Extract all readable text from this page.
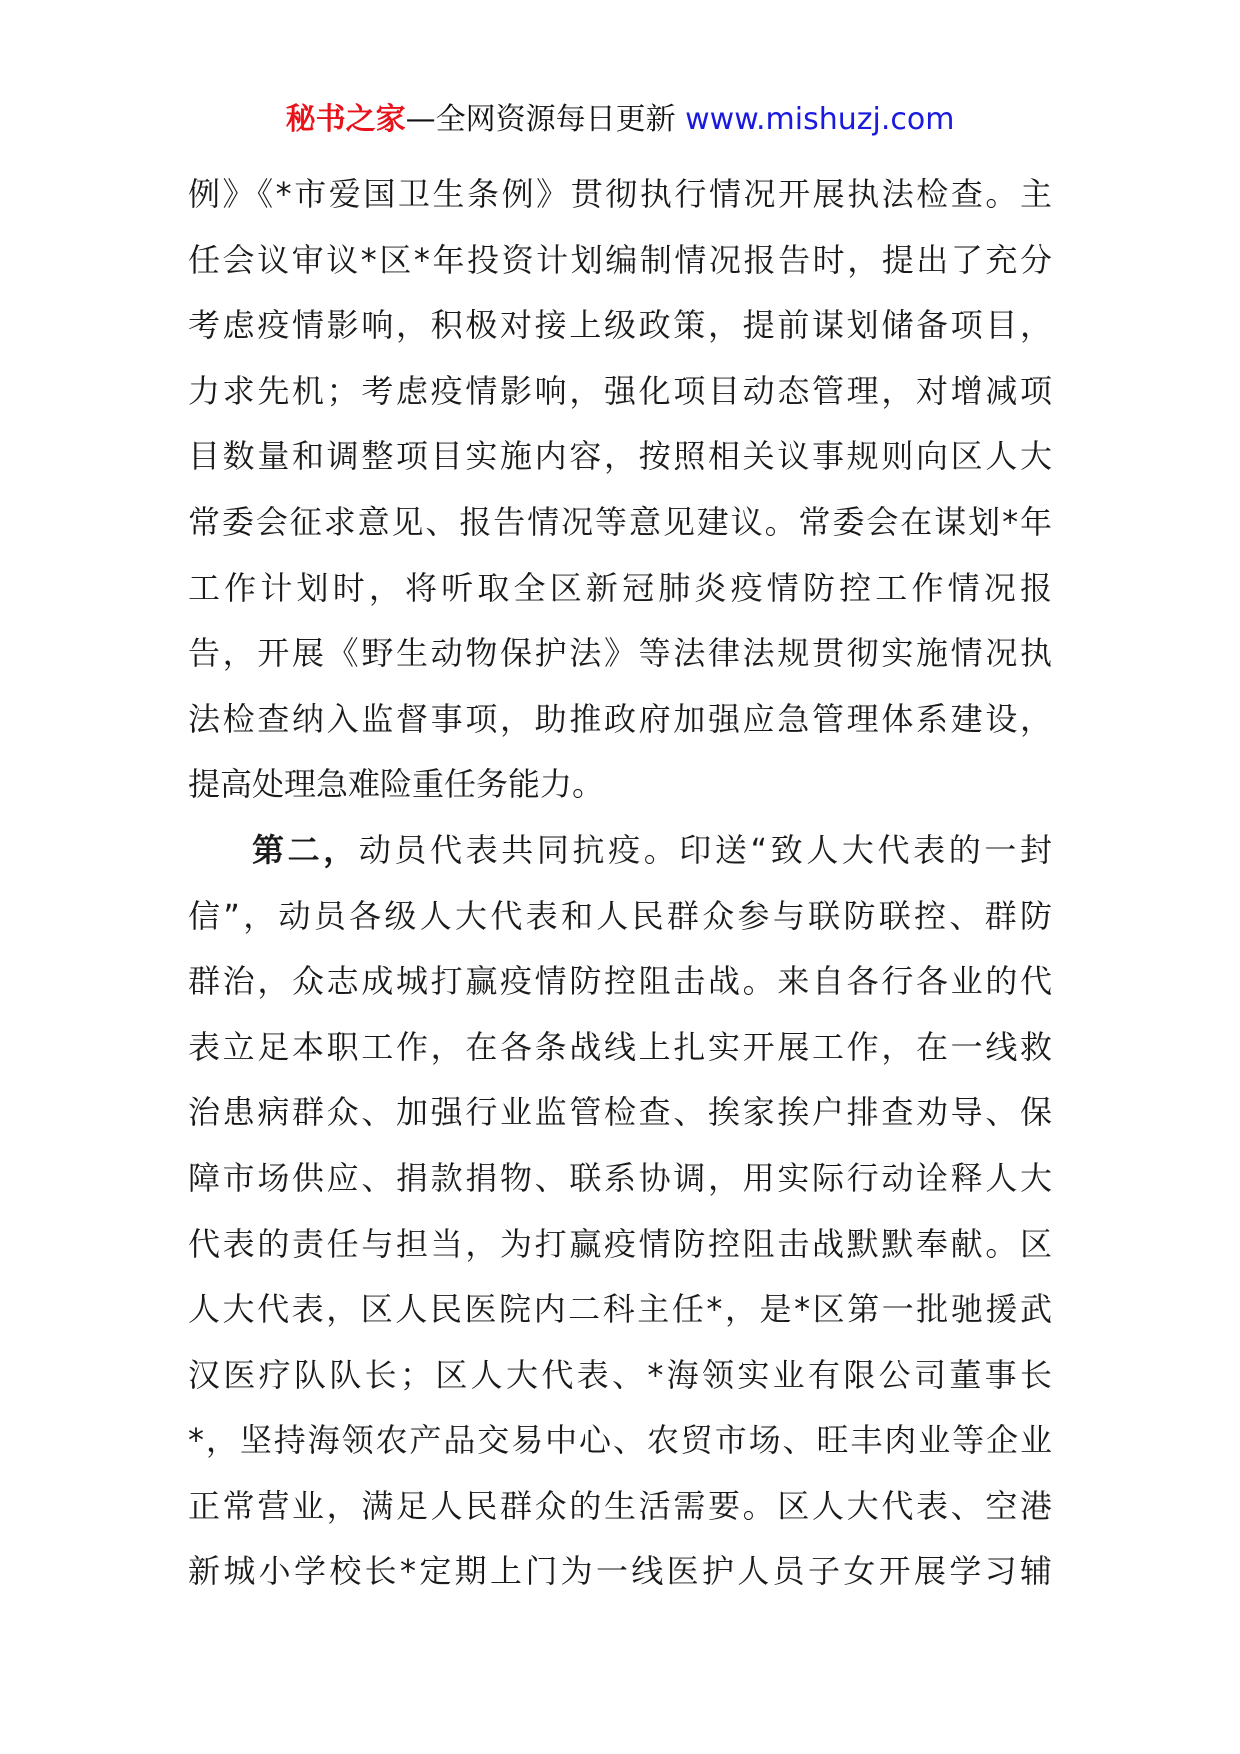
秘书之家—全网资源每日更新 www.mishuzj.com
例》《*市爱国卫生条例》贯彻执行情况开展执法检查。主
任会议审议*区*年投资计划编制情况报告时，提出了充分
考虑疫情影响，积极对接上级政策，提前谋划储备项目，
力求先机；考虑疫情影响，强化项目动态管理，对增减项
目数量和调整项目实施内容，按照相关议事规则向区人大
常委会征求意见、报告情况等意见建议。常委会在谋划*年
工作计划时，将听取全区新冠肺炎疫情防控工作情况报
告，开展《野生动物保护法》等法律法规贯彻实施情况执
法检查纳入监督事项，助推政府加强应急管理体系建设，
提高处理急难险重任务能力。
第二，动员代表共同抗疫。印送“致人大代表的一封
信”，动员各级人大代表和人民群众参与联防联控、群防
群治，众志成城打赢疫情防控阻击战。来自各行各业的代
表立足本职工作，在各条战线上扎实开展工作，在一线救
治患病群众、加强行业监管检查、挨家挨户排查劝导、保
障市场供应、捐款捐物、联系协调，用实际行动诠释人大
代表的责任与担当，为打赢疫情防控阻击战默默奉献。区
人大代表，区人民医院内二科主任*，是*区第一批驰援武
汉医疗队队长；区人大代表、*海领实业有限公司董事长
*，坚持海领农产品交易中心、农贸市场、旺丰肉业等企业
正常营业，满足人民群众的生活需要。区人大代表、空港
新城小学校长*定期上门为一线医护人员子女开展学习辅
